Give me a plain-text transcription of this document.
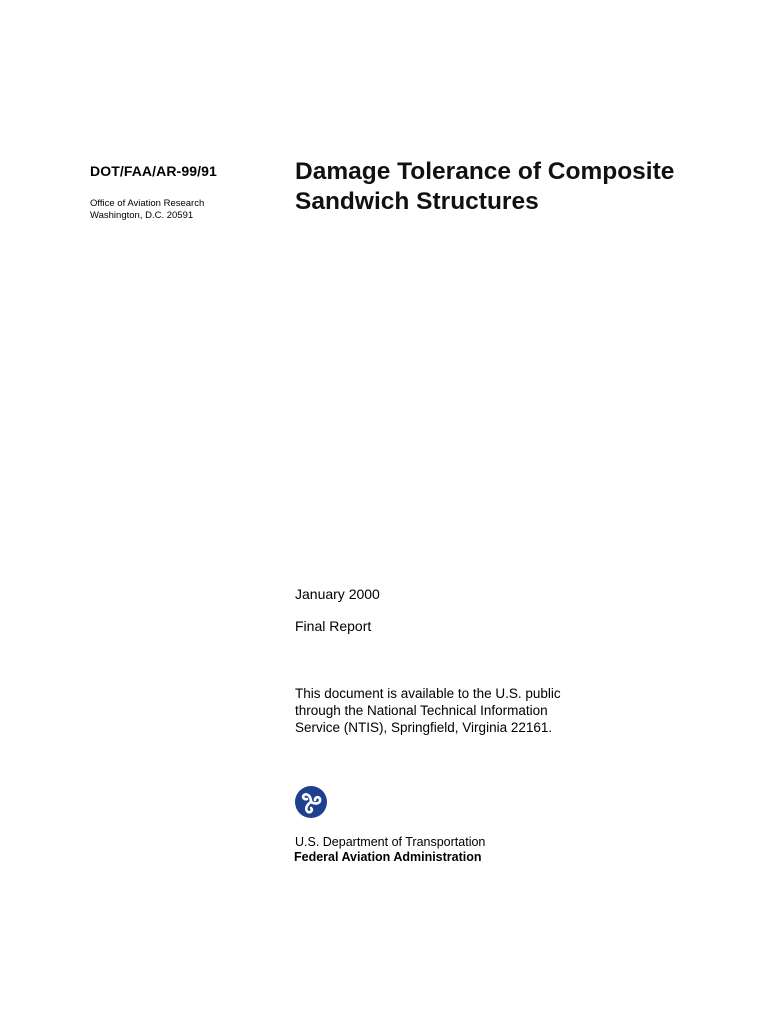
DOT/FAA/AR-99/91
Office of Aviation Research
Washington, D.C. 20591
Damage Tolerance of Composite
Sandwich Structures
January 2000
Final Report
This document is available to the U.S. public
through the National Technical Information
Service (NTIS), Springfield, Virginia 22161.
U.S. Department of Transportation
Federal Aviation Administration
